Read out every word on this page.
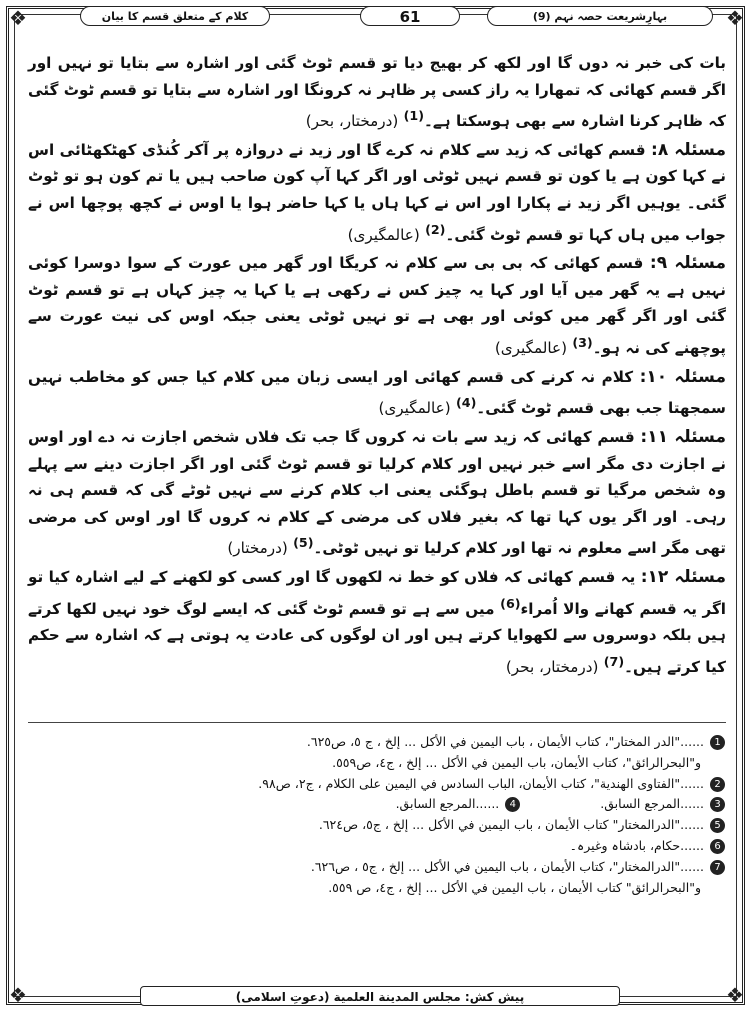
❖	❖
❖	❖
بہارِشریعت حصہ نہم (9)
61
کلام کے متعلق قسم کا بیان

بات کی خبر نہ دوں گا اور لکھ کر بھیج دیا تو قسم ٹوٹ گئی اور اشارہ سے بتایا تو نہیں اور اگر قسم کھائی کہ تمھارا یہ راز کسی پر ظاہر نہ کرونگا اور اشارہ سے بتایا تو قسم ٹوٹ گئی کہ ظاہر کرنا اشارہ سے بھی ہوسکتا ہے۔$^{(1)}$ (درمختار، بحر)

مسئلہ ۸: قسم کھائی کہ زید سے کلام نہ کرے گا اور زید نے دروازہ پر آکر کُنڈی کھٹکھٹائی اس نے کہا کون ہے یا کون تو قسم نہیں ٹوٹی اور اگر کہا آپ کون صاحب ہیں یا تم کون ہو تو ٹوٹ گئی۔ یوہیں اگر زید نے پکارا اور اس نے کہا ہاں یا کہا حاضر ہوا یا اوس نے کچھ پوچھا اس نے جواب میں ہاں کہا تو قسم ٹوٹ گئی۔$^{(2)}$ (عالمگیری)

مسئلہ ۹: قسم کھائی کہ بی بی سے کلام نہ کریگا اور گھر میں عورت کے سوا دوسرا کوئی نہیں ہے یہ گھر میں آیا اور کہا یہ چیز کس نے رکھی ہے یا کہا یہ چیز کہاں ہے تو قسم ٹوٹ گئی اور اگر گھر میں کوئی اور بھی ہے تو نہیں ٹوٹی یعنی جبکہ اوس کی نیت عورت سے پوچھنے کی نہ ہو۔$^{(3)}$ (عالمگیری)

مسئلہ ۱۰: کلام نہ کرنے کی قسم کھائی اور ایسی زبان میں کلام کیا جس کو مخاطب نہیں سمجھتا جب بھی قسم ٹوٹ گئی۔$^{(4)}$ (عالمگیری)

مسئلہ ۱۱: قسم کھائی کہ زید سے بات نہ کروں گا جب تک فلاں شخص اجازت نہ دے اور اوس نے اجازت دی مگر اسے خبر نہیں اور کلام کرلیا تو قسم ٹوٹ گئی اور اگر اجازت دینے سے پہلے وہ شخص مرگیا تو قسم باطل ہوگئی یعنی اب کلام کرنے سے نہیں ٹوٹے گی کہ قسم ہی نہ رہی۔ اور اگر یوں کہا تھا کہ بغیر فلاں کی مرضی کے کلام نہ کروں گا اور اوس کی مرضی تھی مگر اسے معلوم نہ تھا اور کلام کرلیا تو نہیں ٹوٹی۔$^{(5)}$ (درمختار)

مسئلہ ۱۲: یہ قسم کھائی کہ فلاں کو خط نہ لکھوں گا اور کسی کو لکھنے کے لیے اشارہ کیا تو اگر یہ قسم کھانے والا اُمراء$^{(6)}$ میں سے ہے تو قسم ٹوٹ گئی کہ ایسے لوگ خود نہیں لکھا کرتے ہیں بلکہ دوسروں سے لکھوایا کرتے ہیں اور ان لوگوں کی عادت یہ ہوتی ہے کہ اشارہ سے حکم کیا کرتے ہیں۔$^{(7)}$ (درمختار، بحر)

1......"الدر المختار"، كتاب الأيمان ، باب اليمين في الأكل ... إلخ ، ج ٥، ص٦٢٥.
و"البحرالرائق"، كتاب الأيمان، باب اليمين في الأكل ... إلخ ، ج٤، ص٥٥٩.
2......"الفتاوى الهندية"، كتاب الأيمان، الباب السادس في اليمين على الكلام ، ج٢، ص٩٨.
3......المرجع السابق.4......المرجع السابق.
5......"الدرالمختار" كتاب الأيمان ، باب اليمين في الأكل ... إلخ ، ج٥، ص٦٢٤.
6......حکام، بادشاہ وغیرہ۔
7......"الدرالمختار"، كتاب الأيمان ، باب اليمين في الأكل ... إلخ ، ج٥ ، ص٦٢٦.
و"البحرالرائق" كتاب الأيمان ، باب اليمين في الأكل ... إلخ ، ج٤، ص ٥٥٩.
پیش کش: مجلس المدينة العلمية (دعوتِ اسلامی)
